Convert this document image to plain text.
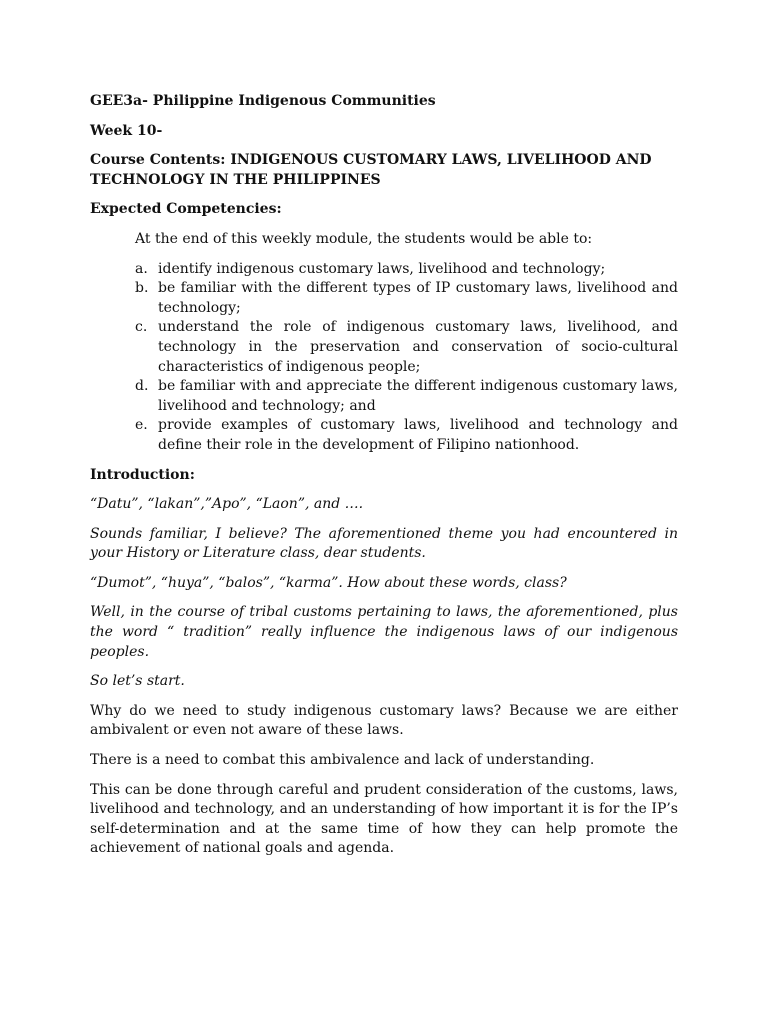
GEE3a- Philippine Indigenous Communities

Week 10-

Course Contents: INDIGENOUS CUSTOMARY LAWS, LIVELIHOOD AND TECHNOLOGY IN THE PHILIPPINES

Expected Competencies:

At the end of this weekly module, the students would be able to:

a. identify indigenous customary laws, livelihood and technology;
b. be familiar with the different types of IP customary laws, livelihood and technology;
c. understand the role of indigenous customary laws, livelihood, and technology in the preservation and conservation of socio-cultural characteristics of indigenous people;
d. be familiar with and appreciate the different indigenous customary laws, livelihood and technology; and
e. provide examples of customary laws, livelihood and technology and define their role in the development of Filipino nationhood.

Introduction:

“Datu”, “lakan”,”Apo”, “Laon”, and ….

Sounds familiar, I believe? The aforementioned theme you had encountered in your History or Literature class, dear students.

“Dumot”, “huya”, “balos”, “karma”. How about these words, class?

Well, in the course of tribal customs pertaining to laws, the aforementioned, plus the word “ tradition” really influence the indigenous laws of our indigenous peoples.

So let’s start.

Why do we need to study indigenous customary laws? Because we are either ambivalent or even not aware of these laws.

There is a need to combat this ambivalence and lack of understanding.

This can be done through careful and prudent consideration of the customs, laws, livelihood and technology, and an understanding of how important it is for the IP’s self-determination and at the same time of how they can help promote the achievement of national goals and agenda.
